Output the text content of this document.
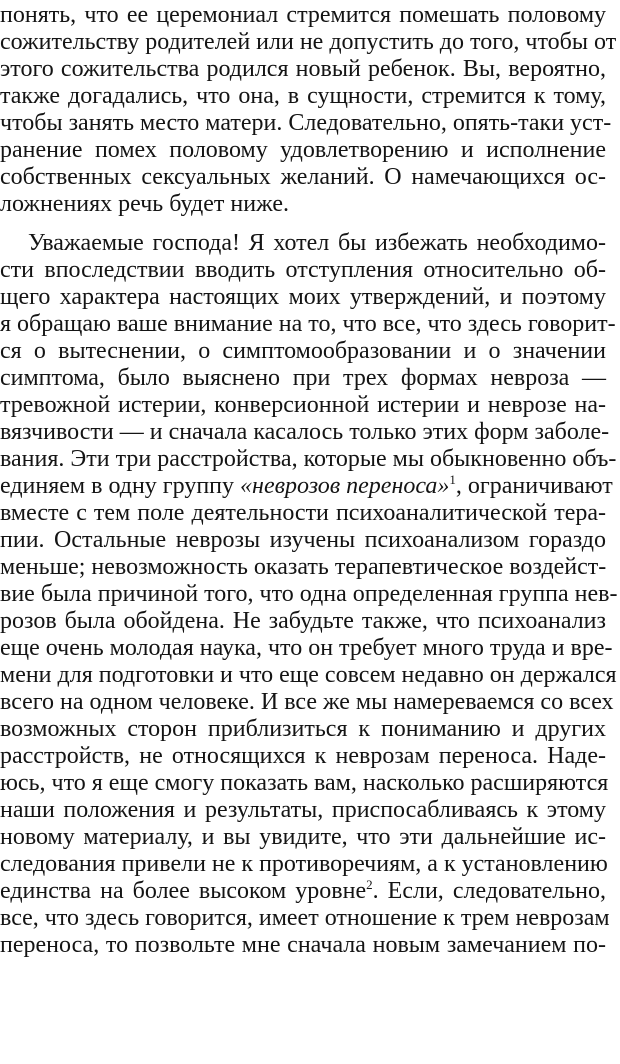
понять, что ее церемониал стремится помешать половому
сожительству родителей или не допустить до того, чтобы от
этого сожительства родился новый ребенок. Вы, вероятно,
также догадались, что она, в сущности, стремится к тому,
чтобы занять место матери. Следовательно, опять-таки уст-
ранение помех половому удовлетворению и исполнение
собственных сексуальных желаний. О намечающихся ос-
ложнениях речь будет ниже.
Уважаемые господа! Я хотел бы избежать необходимо-
сти впоследствии вводить отступления относительно об-
щего характера настоящих моих утверждений, и поэтому
я обращаю ваше внимание на то, что все, что здесь говорит-
ся о вытеснении, о симптомообразовании и о значении
симптома, было выяснено при трех формах невроза —
тревожной истерии, конверсионной истерии и неврозе на-
вязчивости — и сначала касалось только этих форм заболе-
вания. Эти три расстройства, которые мы обыкновенно объ-
единяем в одну группу «неврозов переноса»$^1$, ограничивают
вместе с тем поле деятельности психоаналитической тера-
пии. Остальные неврозы изучены психоанализом гораздо
меньше; невозможность оказать терапевтическое воздейст-
вие была причиной того, что одна определенная группа нев-
розов была обойдена. Не забудьте также, что психоанализ
еще очень молодая наука, что он требует много труда и вре-
мени для подготовки и что еще совсем недавно он держался
всего на одном человеке. И все же мы намереваемся со всех
возможных сторон приблизиться к пониманию и других
расстройств, не относящихся к неврозам переноса. Наде-
юсь, что я еще смогу показать вам, насколько расширяются
наши положения и результаты, приспосабливаясь к этому
новому материалу, и вы увидите, что эти дальнейшие ис-
следования привели не к противоречиям, а к установлению
единства на более высоком уровне$^2$. Если, следовательно,
все, что здесь говорится, имеет отношение к трем неврозам
переноса, то позвольте мне сначала новым замечанием по-
